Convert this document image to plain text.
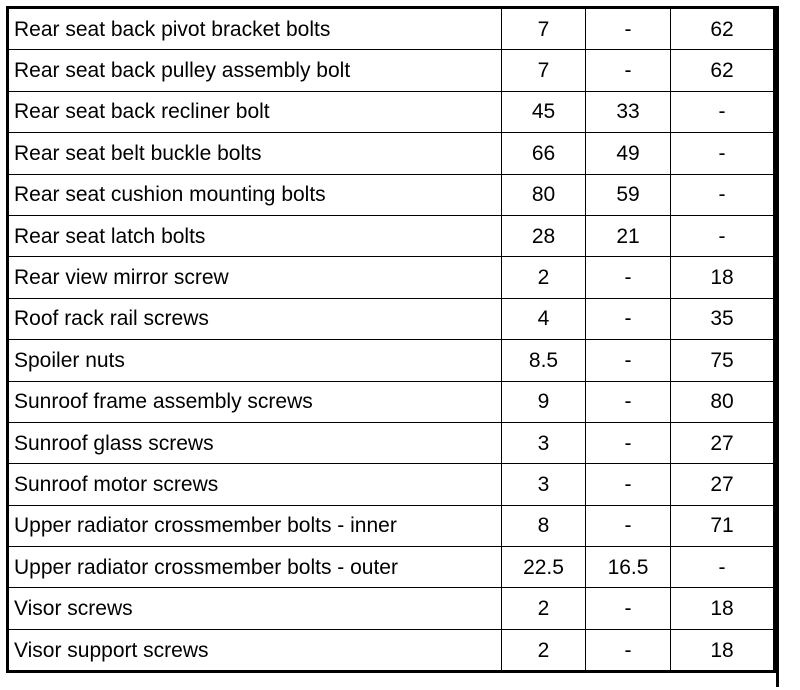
Rear seat back pivot bracket bolts	7	-	62
Rear seat back pulley assembly bolt	7	-	62
Rear seat back recliner bolt	45	33	-
Rear seat belt buckle bolts	66	49	-
Rear seat cushion mounting bolts	80	59	-
Rear seat latch bolts	28	21	-
Rear view mirror screw	2	-	18
Roof rack rail screws	4	-	35
Spoiler nuts	8.5	-	75
Sunroof frame assembly screws	9	-	80
Sunroof glass screws	3	-	27
Sunroof motor screws	3	-	27
Upper radiator crossmember bolts - inner	8	-	71
Upper radiator crossmember bolts - outer	22.5	16.5	-
Visor screws	2	-	18
Visor support screws	2	-	18
